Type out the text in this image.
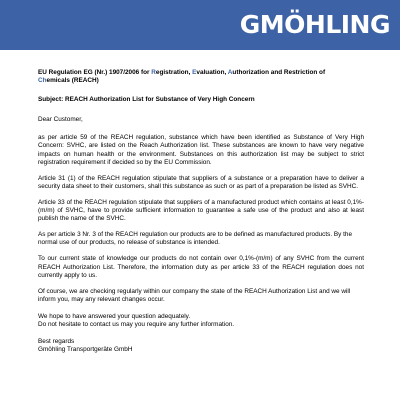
GMÖHLING

EU Regulation EG (Nr.) 1907/2006 for Registration, Evaluation, Authorization and Restriction of
Chemicals (REACH)

Subject: REACH Authorization List for Substance of Very High Concern

Dear Customer,

as per article 59 of the REACH regulation, substance which have been identified as Substance of Very High Concern: SVHC, are listed on the Reach Authorization list. These substances are known to have very negative impacts on human health or the environment. Substances on this authorization list may be subject to strict registration requirement if decided so by the EU Commission.

Article 31 (1) of the REACH regulation stipulate that suppliers of a substance or a preparation have to deliver a security data sheet to their customers, shall this substance as such or as part of a preparation be listed as SVHC.

Article 33 of the REACH regulation stipulate that suppliers of a manufactured product which contains at least 0,1%-(m/m) of SVHC, have to provide sufficient information to guarantee a safe use of the product and also at least publish the name of the SVHC.

As per article 3 Nr. 3 of the REACH regulation our products are to be defined as manufactured products. By the normal use of our products, no release of substance is intended.

To our current state of knowledge our products do not contain over 0,1%-(m/m) of any SVHC from the current REACH Authorization List. Therefore, the information duty as per article 33 of the REACH regulation does not currently apply to us.

Of course, we are checking regularly within our company the state of the REACH Authorization List and we will inform you, may any relevant changes occur.

We hope to have answered your question adequately.
Do not hesitate to contact us may you require any further information.

Best regards
Gmöhling Transportgeräte GmbH
